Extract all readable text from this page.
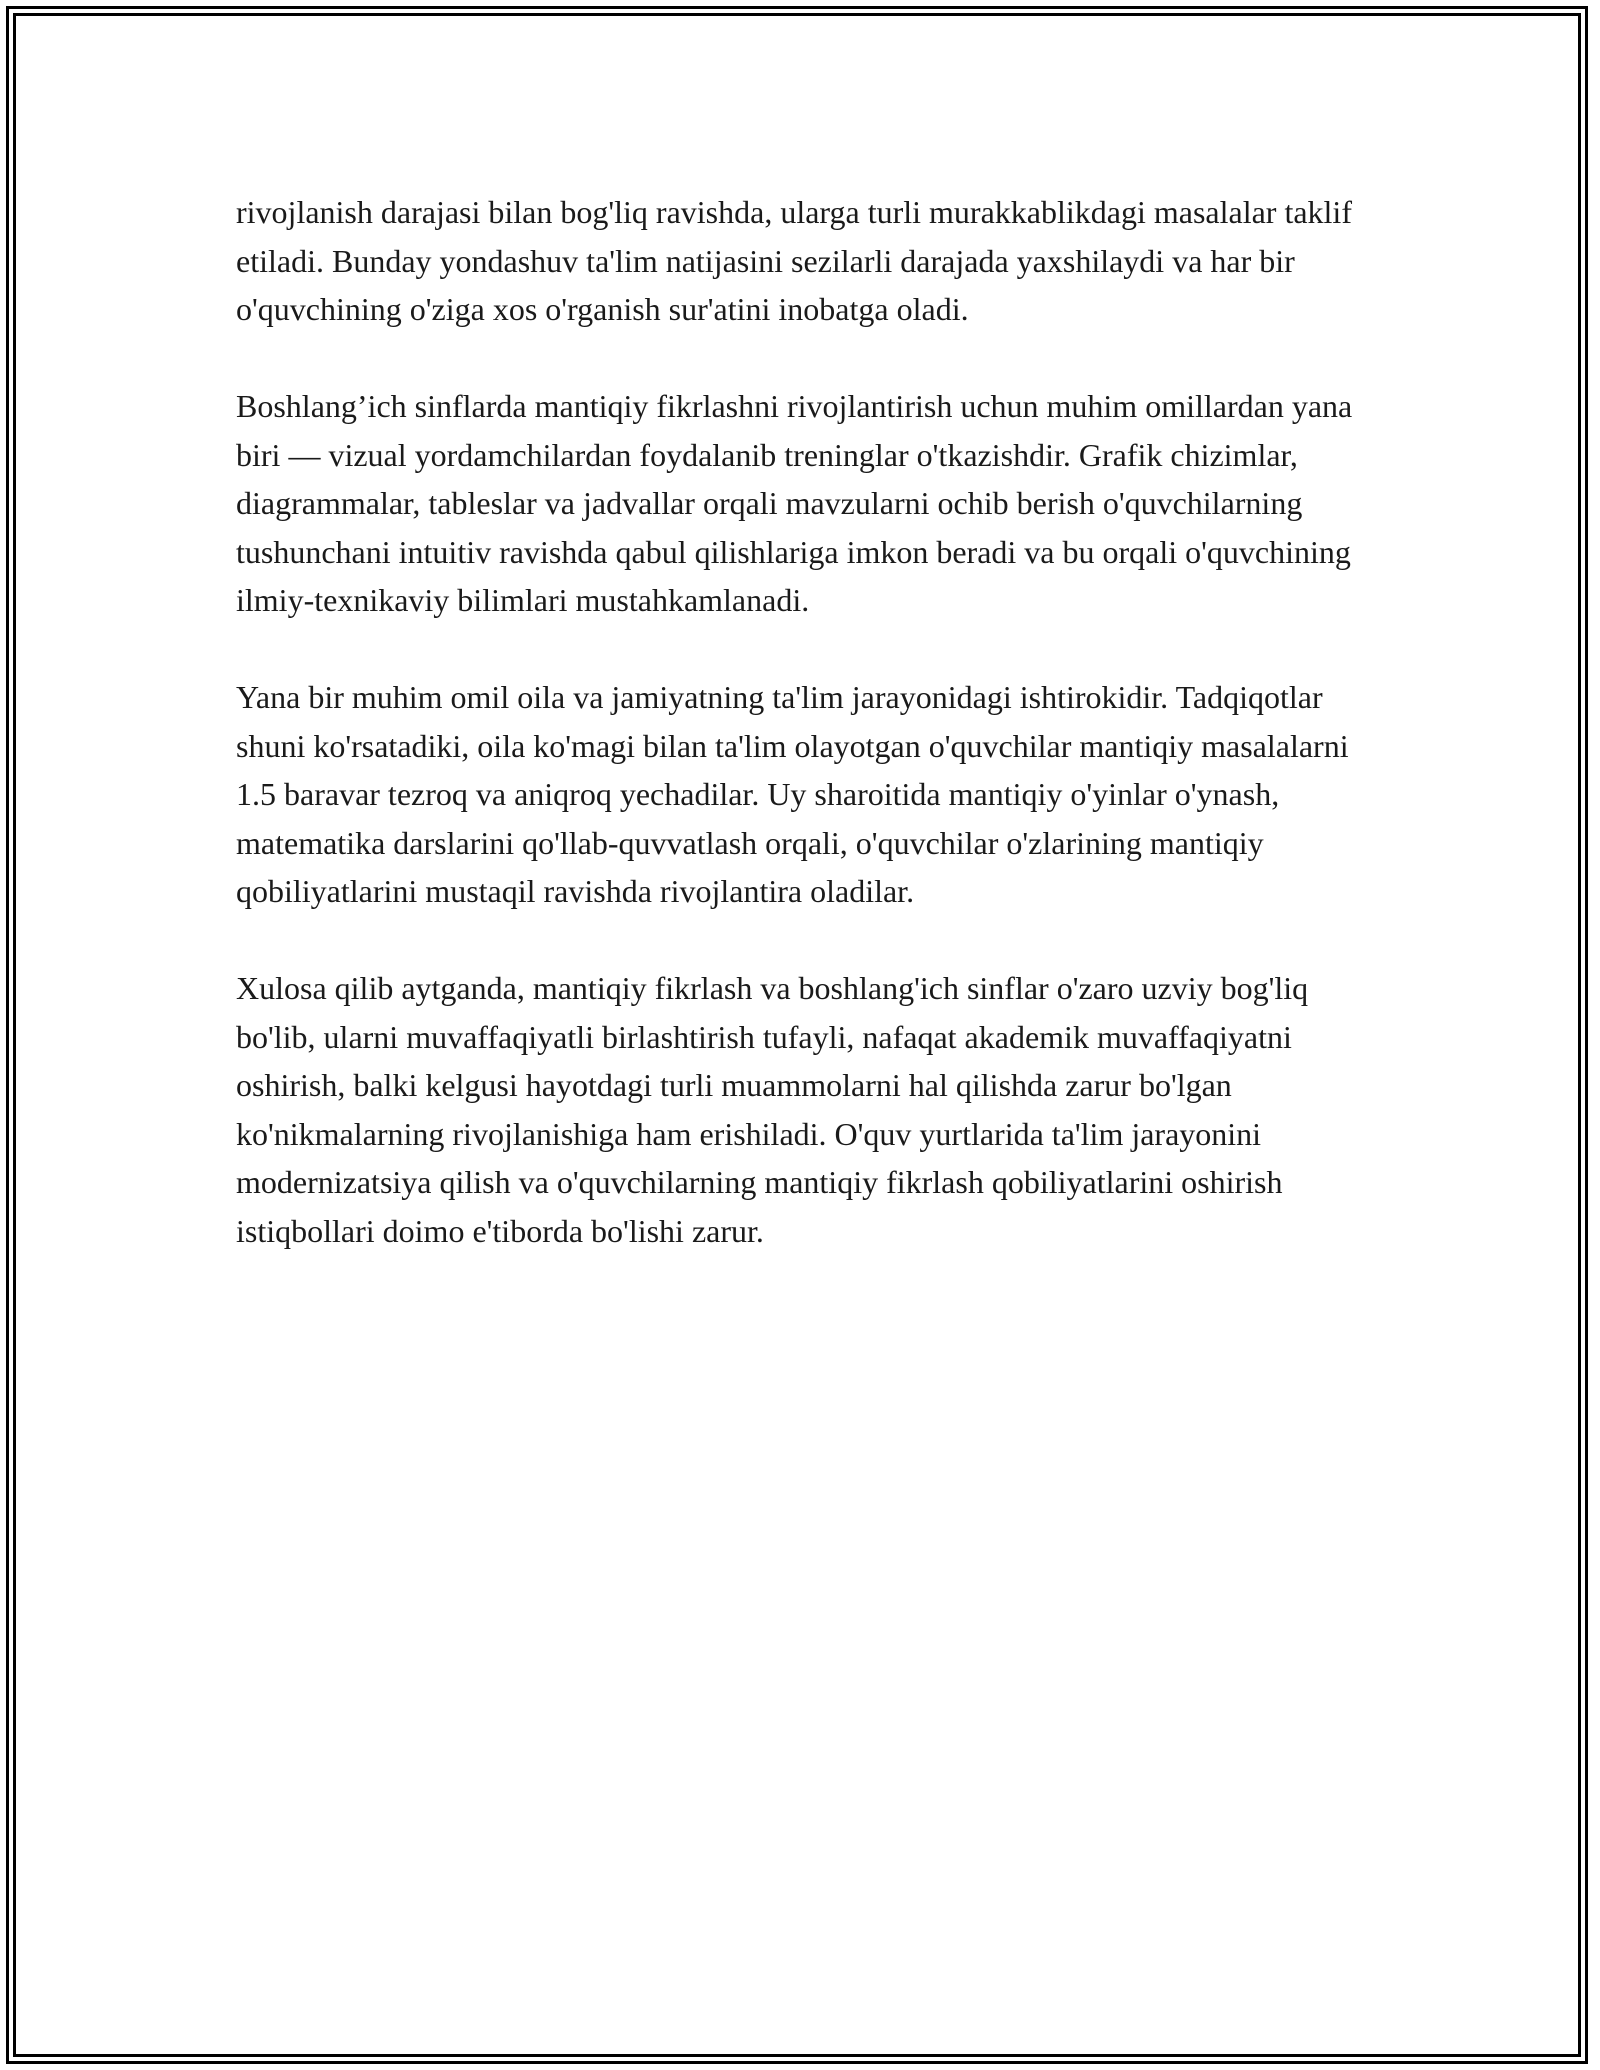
rivojlanish darajasi bilan bog'liq ravishda, ularga turli murakkablikdagi masalalar taklif etiladi. Bunday yondashuv ta'lim natijasini sezilarli darajada yaxshilaydi va har bir o'quvchining o'ziga xos o'rganish sur'atini inobatga oladi.

Boshlang’ich sinflarda mantiqiy fikrlashni rivojlantirish uchun muhim omillardan yana biri — vizual yordamchilardan foydalanib treninglar o'tkazishdir. Grafik chizimlar, diagrammalar, tableslar va jadvallar orqali mavzularni ochib berish o'quvchilarning tushunchani intuitiv ravishda qabul qilishlariga imkon beradi va bu orqali o'quvchining ilmiy-texnikaviy bilimlari mustahkamlanadi.

Yana bir muhim omil oila va jamiyatning ta'lim jarayonidagi ishtirokidir. Tadqiqotlar shuni ko'rsatadiki, oila ko'magi bilan ta'lim olayotgan o'quvchilar mantiqiy masalalarni 1.5 baravar tezroq va aniqroq yechadilar. Uy sharoitida mantiqiy o'yinlar o'ynash, matematika darslarini qo'llab-quvvatlash orqali, o'quvchilar o'zlarining mantiqiy qobiliyatlarini mustaqil ravishda rivojlantira oladilar.

Xulosa qilib aytganda, mantiqiy fikrlash va boshlang'ich sinflar o'zaro uzviy bog'liq bo'lib, ularni muvaffaqiyatli birlashtirish tufayli, nafaqat akademik muvaffaqiyatni oshirish, balki kelgusi hayotdagi turli muammolarni hal qilishda zarur bo'lgan ko'nikmalarning rivojlanishiga ham erishiladi. O'quv yurtlarida ta'lim jarayonini modernizatsiya qilish va o'quvchilarning mantiqiy fikrlash qobiliyatlarini oshirish istiqbollari doimo e'tiborda bo'lishi zarur.
